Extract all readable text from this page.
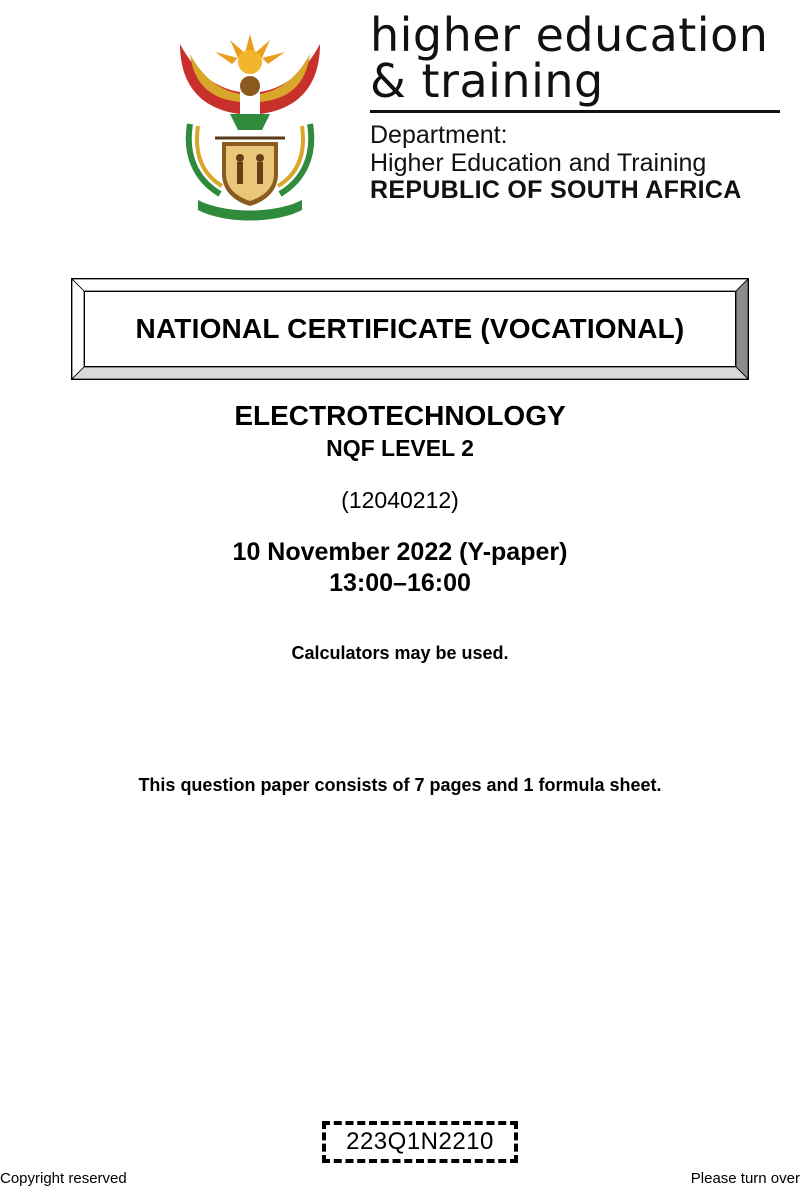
higher education
& training
Department:
Higher Education and Training
REPUBLIC OF SOUTH AFRICA
NATIONAL CERTIFICATE (VOCATIONAL)
ELECTROTECHNOLOGY
NQF LEVEL 2
(12040212)
10 November 2022 (Y-paper)
13:00–16:00
Calculators may be used.
This question paper consists of 7 pages and 1 formula sheet.
223Q1N2210
Copyright reserved	Please turn over
